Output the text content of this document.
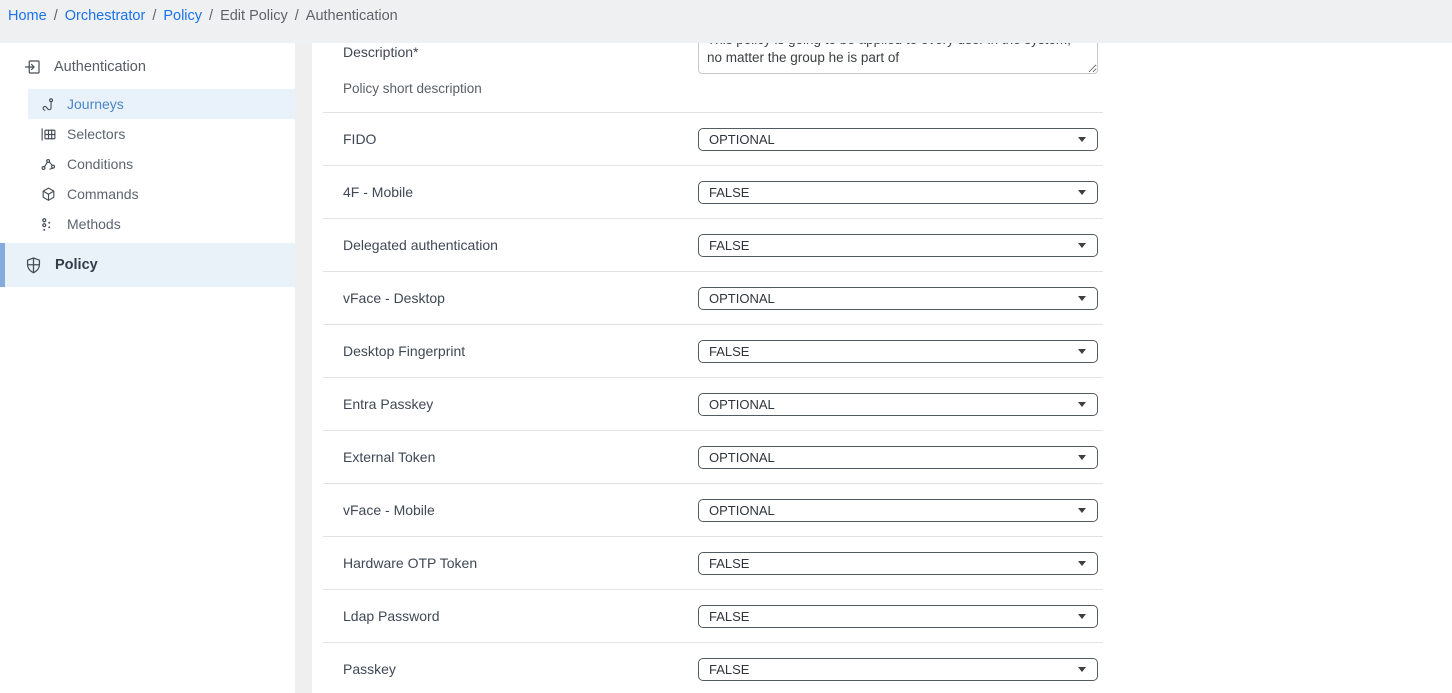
Home / Orchestrator / Policy / Edit Policy / Authentication
Authentication
Journeys
Selectors
Conditions
Commands
Methods
Policy
Description*
Policy short description
This policy is going to be applied to every user in the system, no matter the group he is part of
FIDO	OPTIONAL
4F - Mobile	FALSE
Delegated authentication	FALSE
vFace - Desktop	OPTIONAL
Desktop Fingerprint	FALSE
Entra Passkey	OPTIONAL
External Token	OPTIONAL
vFace - Mobile	OPTIONAL
Hardware OTP Token	FALSE
Ldap Password	FALSE
Passkey	FALSE
